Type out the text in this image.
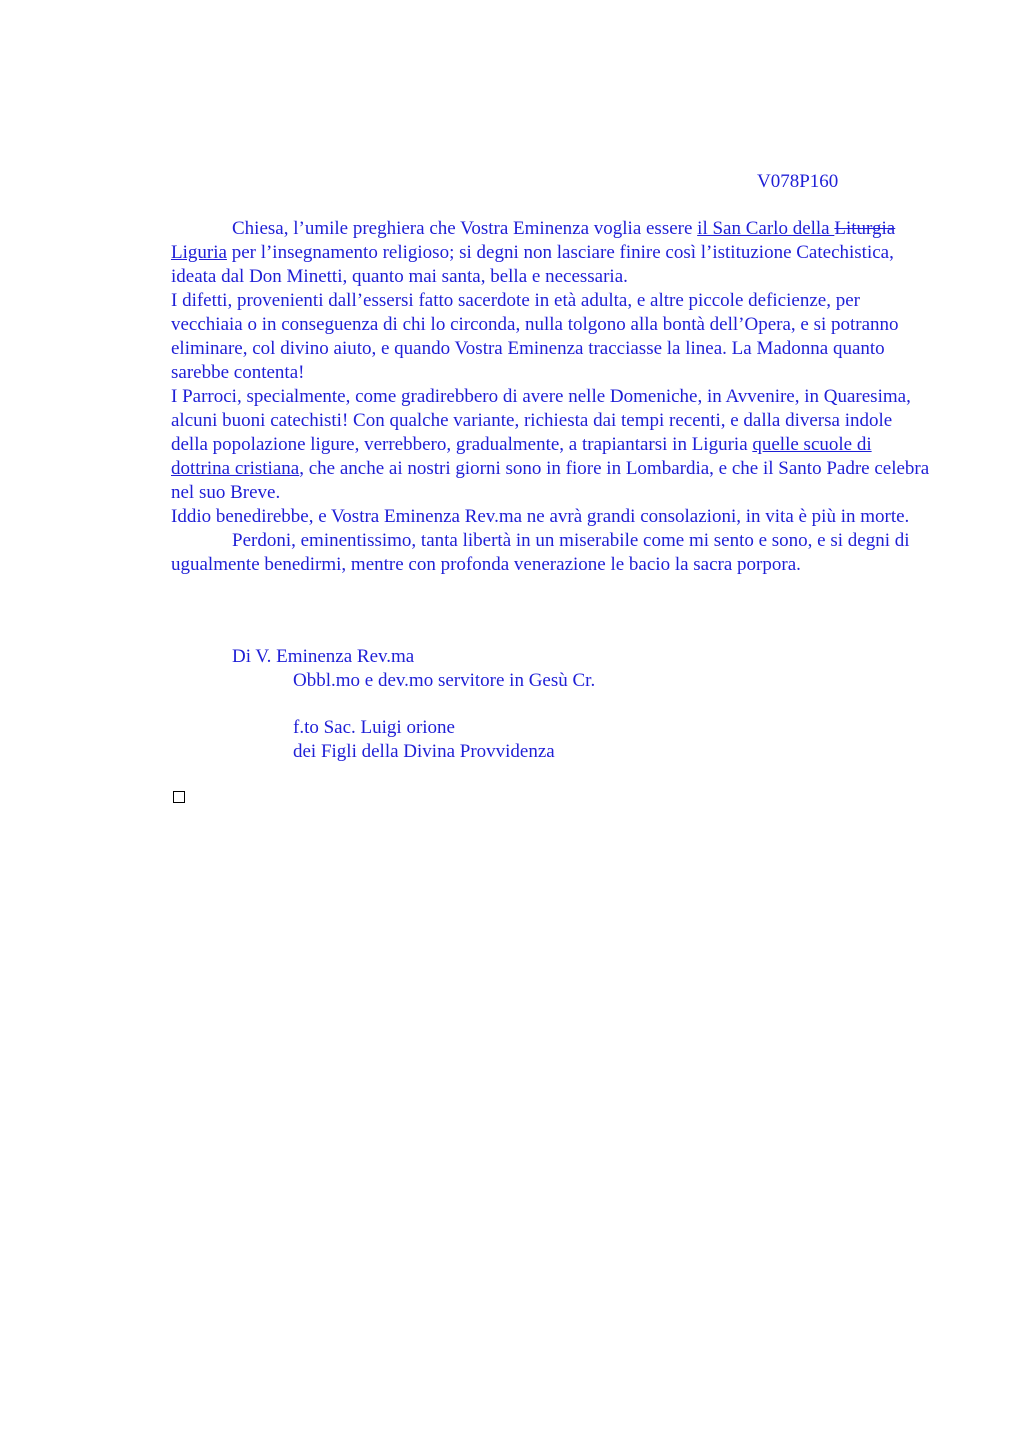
V078P160

Chiesa, l’umile preghiera che Vostra Eminenza voglia essere il San Carlo della Liturgia Liguria per l’insegnamento religioso; si degni non lasciare finire così l’istituzione Catechistica, ideata dal Don Minetti, quanto mai santa, bella e necessaria.

I difetti, provenienti dall’essersi fatto sacerdote in età adulta, e altre piccole deficienze, per vecchiaia o in conseguenza di chi lo circonda, nulla tolgono alla bontà dell’Opera, e si potranno eliminare, col divino aiuto, e quando Vostra Eminenza tracciasse la linea. La Madonna quanto sarebbe contenta!

I Parroci, specialmente, come gradirebbero di avere nelle Domeniche, in Avvenire, in Quaresima, alcuni buoni catechisti! Con qualche variante, richiesta dai tempi recenti, e dalla diversa indole della popolazione ligure, verrebbero, gradualmente, a trapiantarsi in Liguria quelle scuole di dottrina cristiana, che anche ai nostri giorni sono in fiore in Lombardia, e che il Santo Padre celebra nel suo Breve.

Iddio benedirebbe, e Vostra Eminenza Rev.ma ne avrà grandi consolazioni, in vita è più in morte.

Perdoni, eminentissimo, tanta libertà in un miserabile come mi sento e sono, e si degni di ugualmente benedirmi, mentre con profonda venerazione le bacio la sacra porpora.

Di V. Eminenza Rev.ma

Obbl.mo e dev.mo servitore in Gesù Cr.

f.to Sac. Luigi orione

dei Figli della Divina Provvidenza
